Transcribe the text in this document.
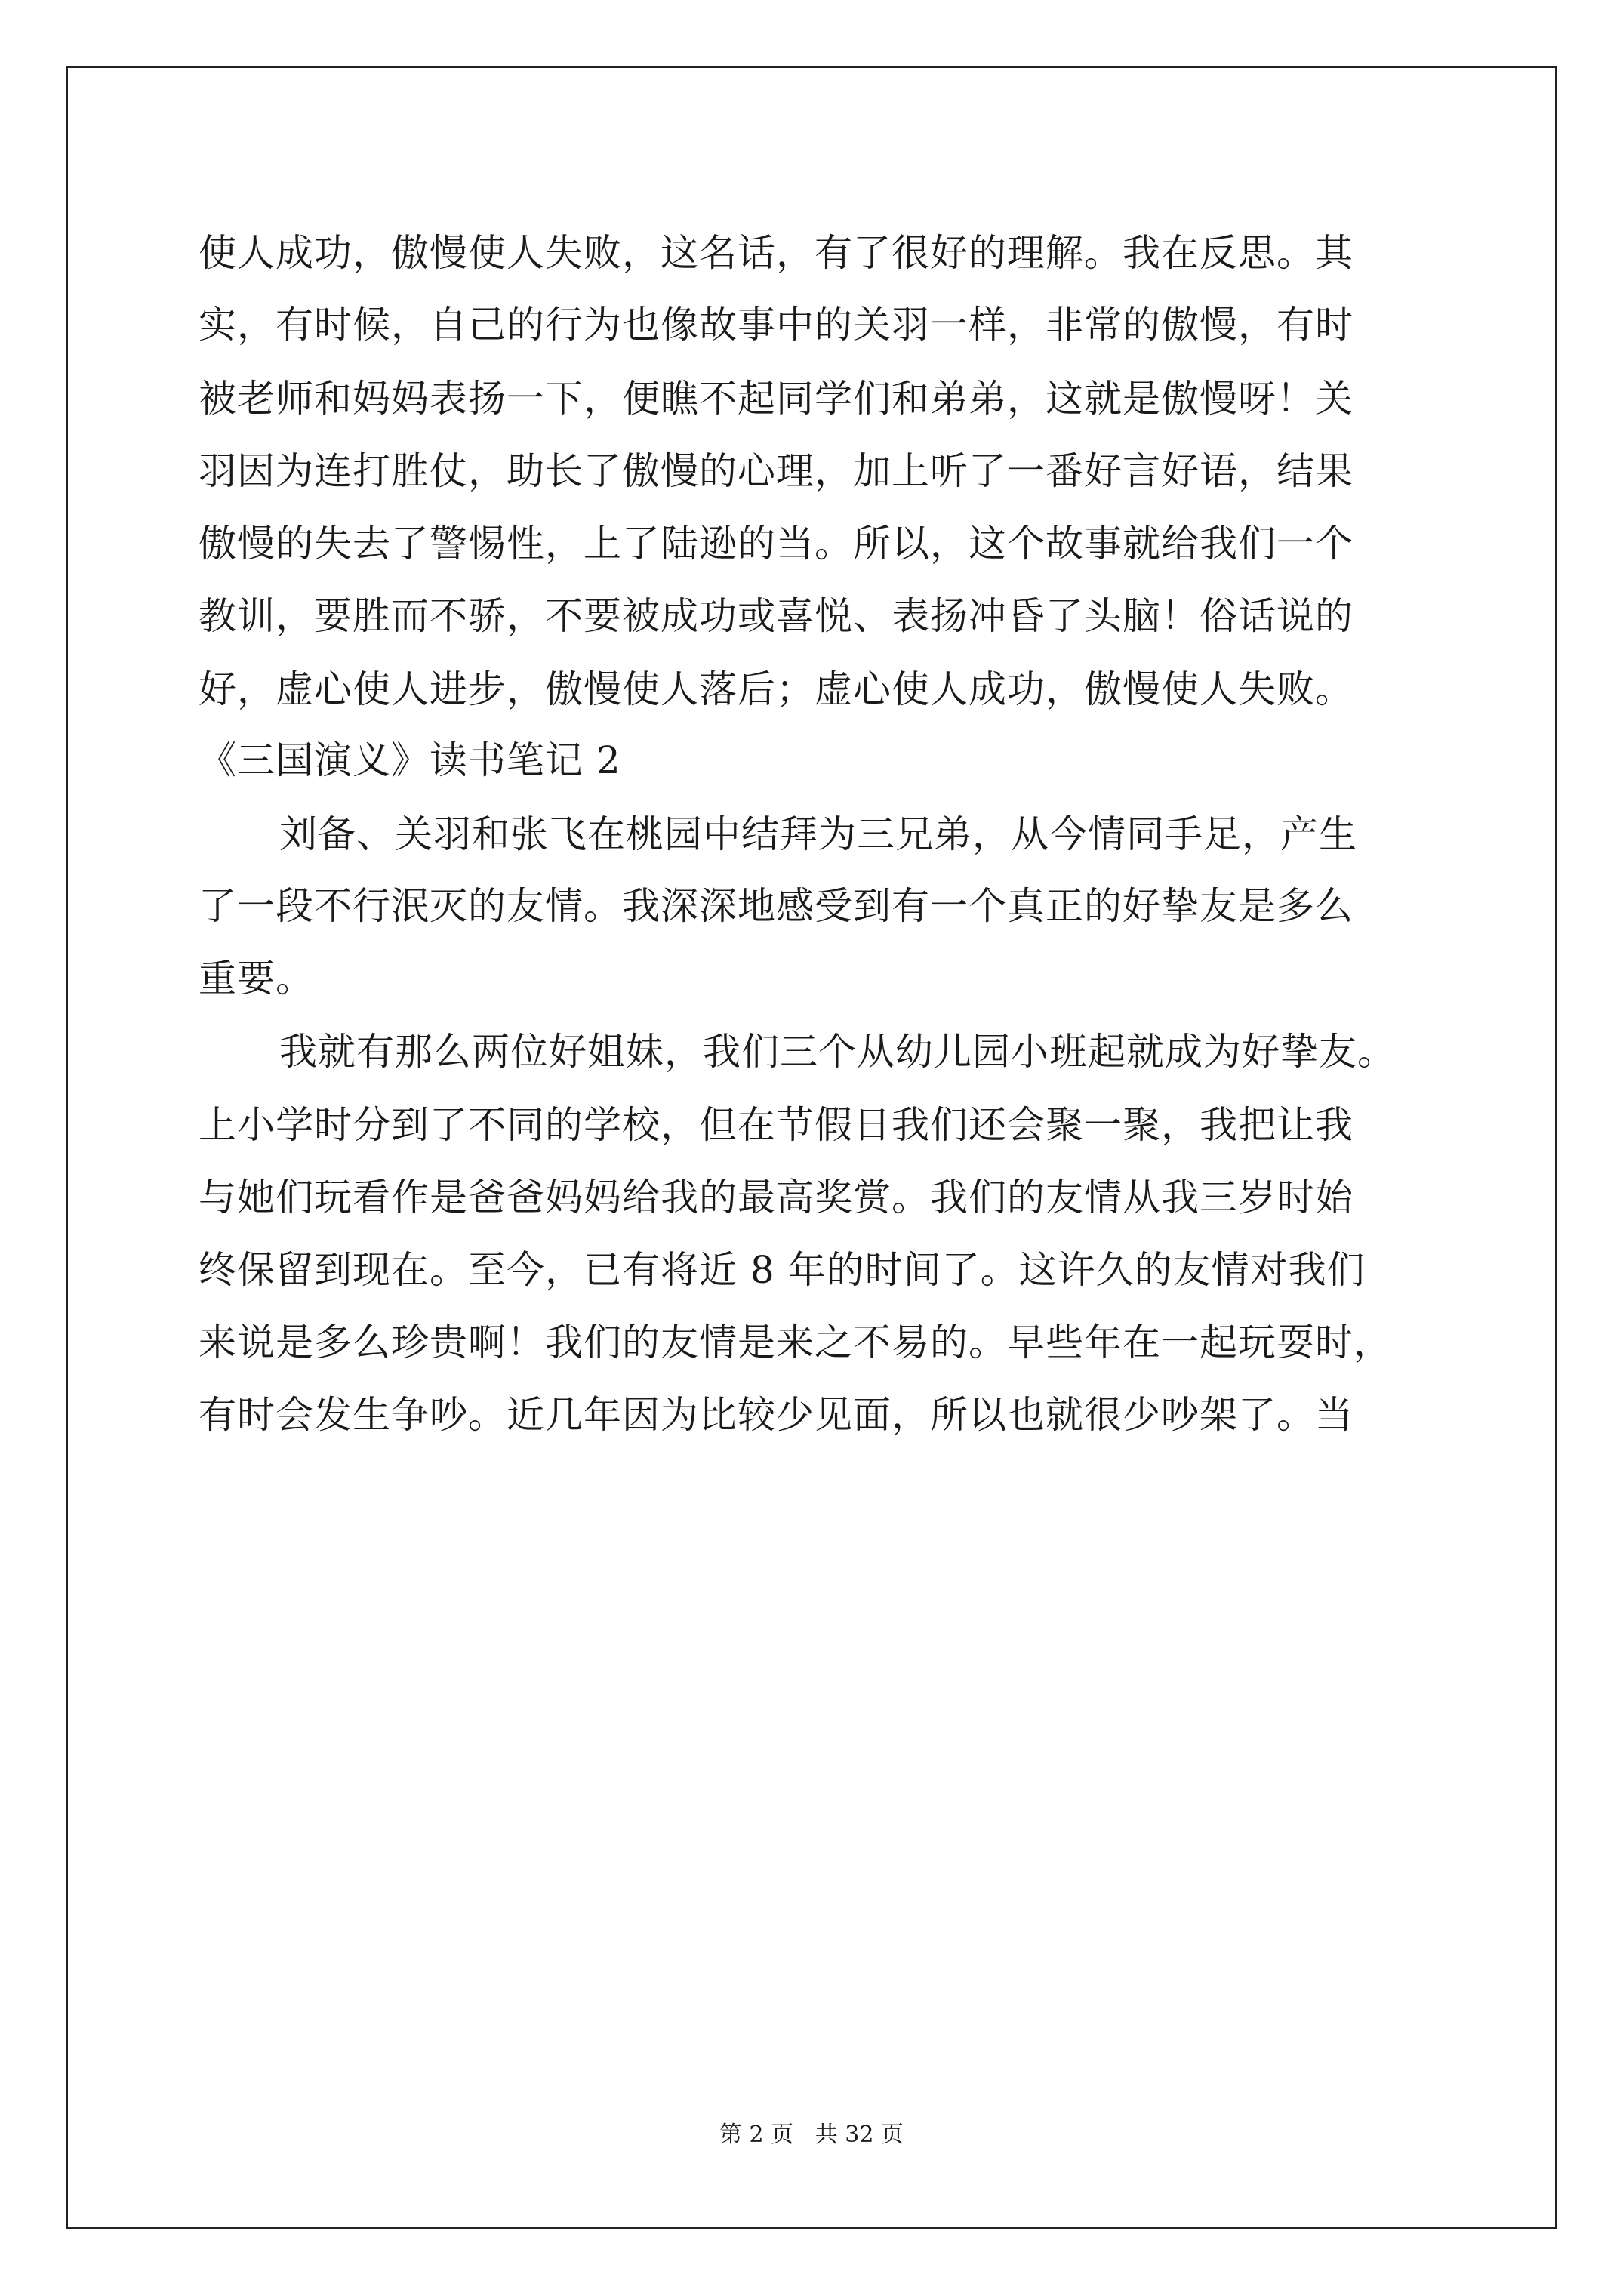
使人成功，傲慢使人失败，这名话，有了很好的理解。我在反思。其
实，有时候，自己的行为也像故事中的关羽一样，非常的傲慢，有时
被老师和妈妈表扬一下，便瞧不起同学们和弟弟，这就是傲慢呀！关
羽因为连打胜仗，助长了傲慢的心理，加上听了一番好言好语，结果
傲慢的失去了警惕性，上了陆逊的当。所以，这个故事就给我们一个
教训，要胜而不骄，不要被成功或喜悦、表扬冲昏了头脑！俗话说的
好，虚心使人进步，傲慢使人落后；虚心使人成功，傲慢使人失败。
《三国演义》读书笔记 2
刘备、关羽和张飞在桃园中结拜为三兄弟，从今情同手足，产生
了一段不行泯灭的友情。我深深地感受到有一个真正的好挚友是多么
重要。
我就有那么两位好姐妹，我们三个从幼儿园小班起就成为好挚友。
上小学时分到了不同的学校，但在节假日我们还会聚一聚，我把让我
与她们玩看作是爸爸妈妈给我的最高奖赏。我们的友情从我三岁时始
终保留到现在。至今，已有将近 8 年的时间了。这许久的友情对我们
来说是多么珍贵啊！我们的友情是来之不易的。早些年在一起玩耍时，
有时会发生争吵。近几年因为比较少见面，所以也就很少吵架了。当
第 2 页   共 32 页
